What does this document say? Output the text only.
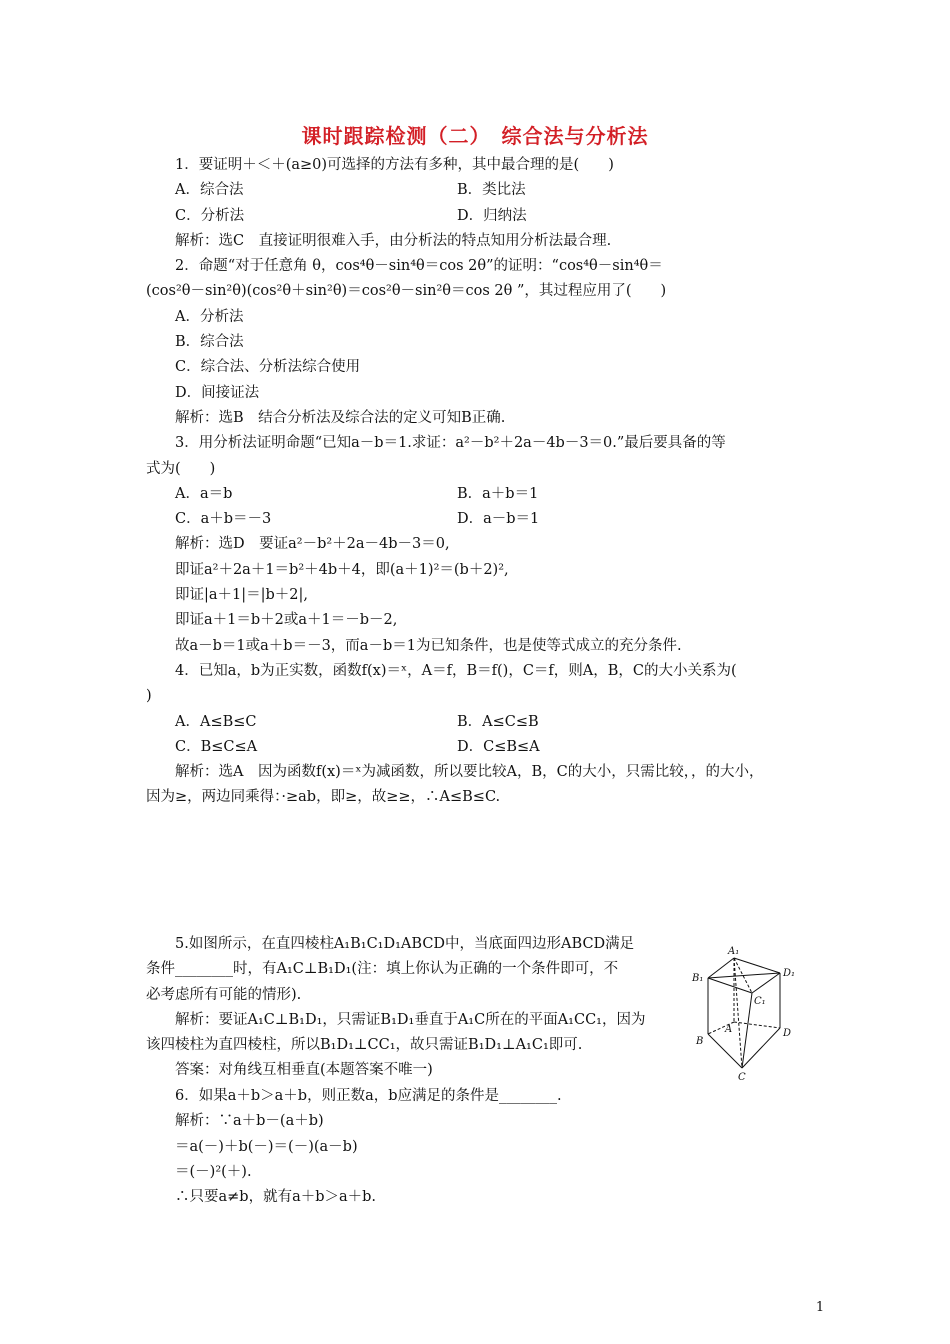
课时跟踪检测（二）　综合法与分析法

1．要证明＋＜＋(a≥0)可选择的方法有多种，其中最合理的是(　　)

A．综合法	B．类比法
C．分析法	D．归纳法

解析：选C　直接证明很难入手，由分析法的特点知用分析法最合理.

2．命题“对于任意角 θ，cos⁴θ－sin⁴θ＝cos 2θ”的证明：“cos⁴θ－sin⁴θ＝

(cos²θ－sin²θ)(cos²θ＋sin²θ)＝cos²θ－sin²θ＝cos 2θ ”，其过程应用了(　　)

A．分析法

B．综合法

C．综合法、分析法综合使用

D．间接证法

解析：选B　结合分析法及综合法的定义可知B正确.

3．用分析法证明命题“已知a－b＝1.求证：a²－b²＋2a－4b－3＝0.”最后要具备的等

式为(　　)

A．a＝b	B．a＋b＝1
C．a＋b＝－3	D．a－b＝1

解析：选D　要证a²－b²＋2a－4b－3＝0,

即证a²＋2a＋1＝b²＋4b＋4，即(a＋1)²＝(b＋2)²,

即证|a＋1|＝|b＋2|,

即证a＋1＝b＋2或a＋1＝－b－2,

故a－b＝1或a＋b＝－3，而a－b＝1为已知条件，也是使等式成立的充分条件.

4．已知a，b为正实数，函数f(x)＝ˣ，A＝f，B＝f()，C＝f，则A，B，C的大小关系为(

)

A．A≤B≤C	B．A≤C≤B
C．B≤C≤A	D．C≤B≤A

解析：选A　因为函数f(x)＝ˣ为减函数，所以要比较A，B，C的大小，只需比较，，的大小，

因为≥，两边同乘得：·≥ab，即≥，故≥≥，∴A≤B≤C.

5.如图所示，在直四棱柱A₁B₁C₁D₁ABCD中，当底面四边形ABCD满足

条件________时，有A₁C⊥B₁D₁(注：填上你认为正确的一个条件即可，不

必考虑所有可能的情形).

解析：要证A₁C⊥B₁D₁，只需证B₁D₁垂直于A₁C所在的平面A₁CC₁，因为

该四棱柱为直四棱柱，所以B₁D₁⊥CC₁，故只需证B₁D₁⊥A₁C₁即可.

答案：对角线互相垂直(本题答案不唯一)

A₁
B₁	D₁
C₁
A
B
D
C

6．如果a＋b＞a＋b，则正数a，b应满足的条件是________.

解析：∵a＋b－(a＋b)

＝a(－)＋b(－)＝(－)(a－b)

＝(－)²(＋).

∴只要a≠b，就有a＋b＞a＋b.

1
